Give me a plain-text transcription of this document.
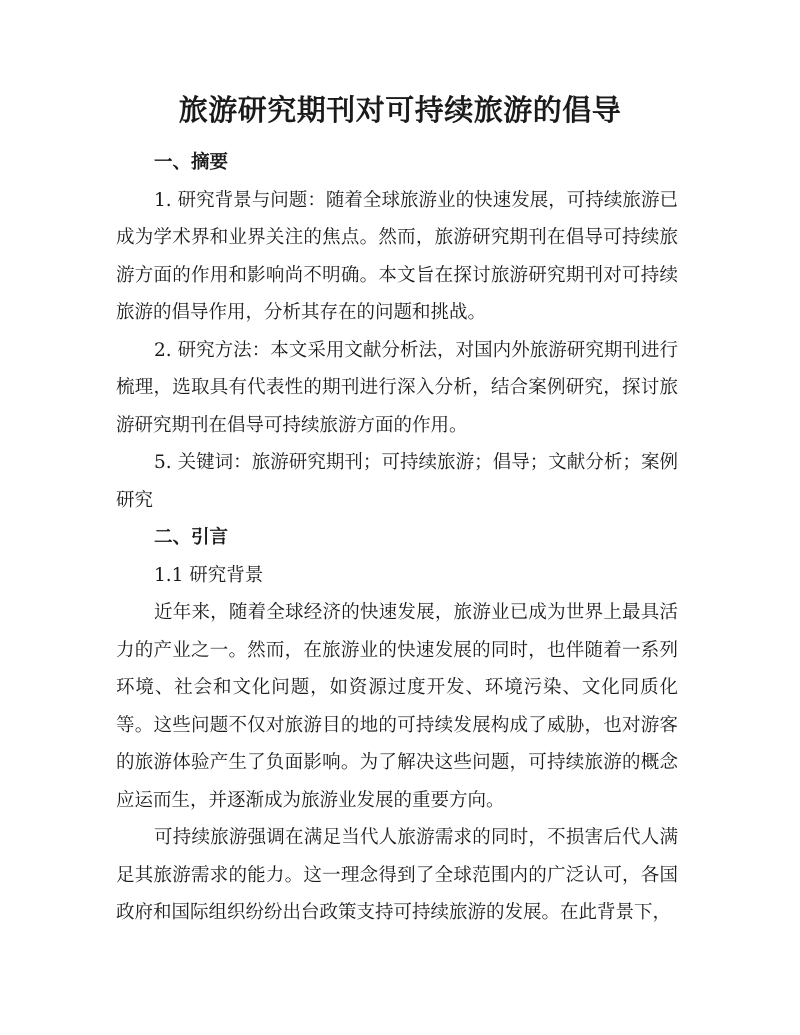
旅游研究期刊对可持续旅游的倡导

一、摘要

1. 研究背景与问题：随着全球旅游业的快速发展，可持续旅游已成为学术界和业界关注的焦点。然而，旅游研究期刊在倡导可持续旅游方面的作用和影响尚不明确。本文旨在探讨旅游研究期刊对可持续旅游的倡导作用，分析其存在的问题和挑战。

2. 研究方法：本文采用文献分析法，对国内外旅游研究期刊进行梳理，选取具有代表性的期刊进行深入分析，结合案例研究，探讨旅游研究期刊在倡导可持续旅游方面的作用。

5. 关键词：旅游研究期刊；可持续旅游；倡导；文献分析；案例研究

二、引言

1.1 研究背景

近年来，随着全球经济的快速发展，旅游业已成为世界上最具活力的产业之一。然而，在旅游业的快速发展的同时，也伴随着一系列环境、社会和文化问题，如资源过度开发、环境污染、文化同质化等。这些问题不仅对旅游目的地的可持续发展构成了威胁，也对游客的旅游体验产生了负面影响。为了解决这些问题，可持续旅游的概念应运而生，并逐渐成为旅游业发展的重要方向。

可持续旅游强调在满足当代人旅游需求的同时，不损害后代人满足其旅游需求的能力。这一理念得到了全球范围内的广泛认可，各国政府和国际组织纷纷出台政策支持可持续旅游的发展。在此背景下，
